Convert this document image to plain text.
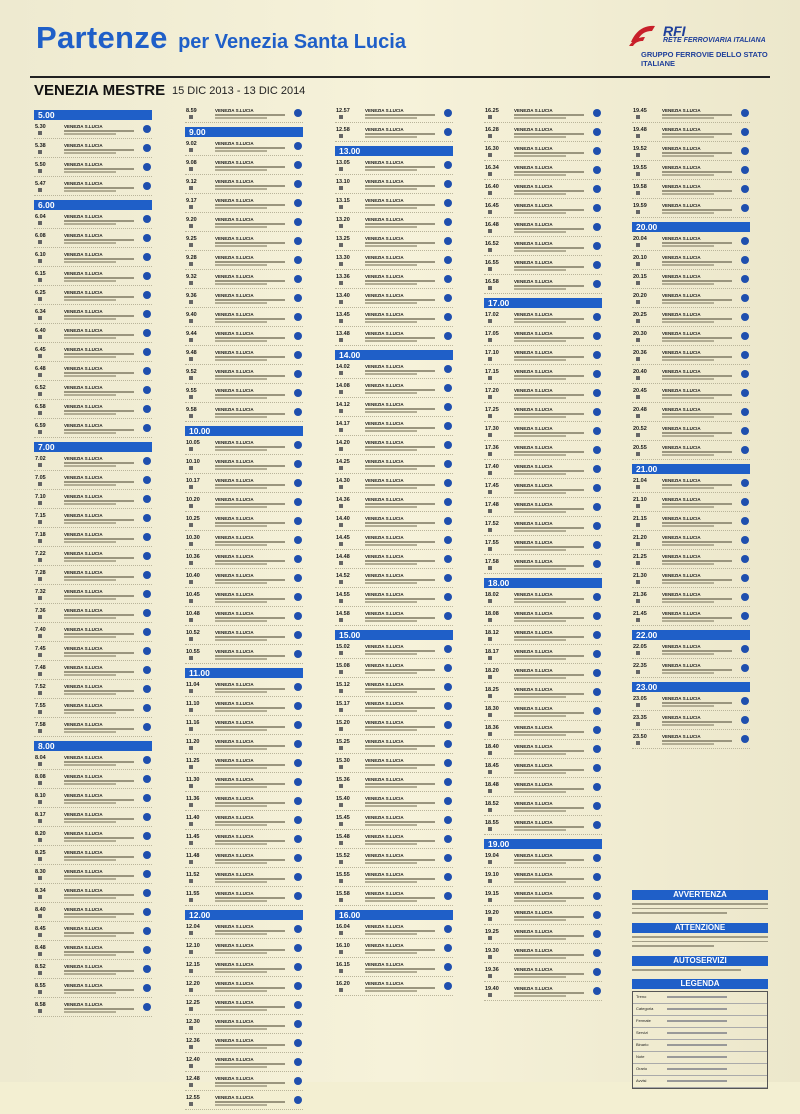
Partenze per Venezia Santa Lucia	RFI
RETE FERROVIARIA ITALIANA
GRUPPO FERROVIE DELLO STATO ITALIANE
VENEZIA MESTRE 15 DIC 2013 - 13 DIC 2014
5.00
5.30	VENEZIA S.LUCIA
5.38	VENEZIA S.LUCIA
5.50	VENEZIA S.LUCIA
5.47	VENEZIA S.LUCIA
6.00
6.04	VENEZIA S.LUCIA
6.08	VENEZIA S.LUCIA
6.10	VENEZIA S.LUCIA
6.15	VENEZIA S.LUCIA
6.25	VENEZIA S.LUCIA
6.34	VENEZIA S.LUCIA
6.40	VENEZIA S.LUCIA
6.45	VENEZIA S.LUCIA
6.48	VENEZIA S.LUCIA
6.52	VENEZIA S.LUCIA
6.58	VENEZIA S.LUCIA
6.59	VENEZIA S.LUCIA
7.00
7.02	VENEZIA S.LUCIA
7.05	VENEZIA S.LUCIA
7.10	VENEZIA S.LUCIA
7.15	VENEZIA S.LUCIA
7.18	VENEZIA S.LUCIA
7.22	VENEZIA S.LUCIA
7.28	VENEZIA S.LUCIA
7.32	VENEZIA S.LUCIA
7.36	VENEZIA S.LUCIA
7.40	VENEZIA S.LUCIA
7.45	VENEZIA S.LUCIA
7.48	VENEZIA S.LUCIA
7.52	VENEZIA S.LUCIA
7.55	VENEZIA S.LUCIA
7.58	VENEZIA S.LUCIA
8.00
8.04	VENEZIA S.LUCIA
8.08	VENEZIA S.LUCIA
8.10	VENEZIA S.LUCIA
8.17	VENEZIA S.LUCIA
8.20	VENEZIA S.LUCIA
8.25	VENEZIA S.LUCIA
8.30	VENEZIA S.LUCIA
8.34	VENEZIA S.LUCIA
8.40	VENEZIA S.LUCIA
8.45	VENEZIA S.LUCIA
8.48	VENEZIA S.LUCIA
8.52	VENEZIA S.LUCIA
8.55	VENEZIA S.LUCIA
8.58	VENEZIA S.LUCIA
8.59	VENEZIA S.LUCIA
9.00
9.02	VENEZIA S.LUCIA
9.08	VENEZIA S.LUCIA
9.12	VENEZIA S.LUCIA
9.17	VENEZIA S.LUCIA
9.20	VENEZIA S.LUCIA
9.25	VENEZIA S.LUCIA
9.28	VENEZIA S.LUCIA
9.32	VENEZIA S.LUCIA
9.36	VENEZIA S.LUCIA
9.40	VENEZIA S.LUCIA
9.44	VENEZIA S.LUCIA
9.48	VENEZIA S.LUCIA
9.52	VENEZIA S.LUCIA
9.55	VENEZIA S.LUCIA
9.58	VENEZIA S.LUCIA
10.00
10.05	VENEZIA S.LUCIA
10.10	VENEZIA S.LUCIA
10.17	VENEZIA S.LUCIA
10.20	VENEZIA S.LUCIA
10.25	VENEZIA S.LUCIA
10.30	VENEZIA S.LUCIA
10.36	VENEZIA S.LUCIA
10.40	VENEZIA S.LUCIA
10.45	VENEZIA S.LUCIA
10.48	VENEZIA S.LUCIA
10.52	VENEZIA S.LUCIA
10.55	VENEZIA S.LUCIA
11.00
11.04	VENEZIA S.LUCIA
11.10	VENEZIA S.LUCIA
11.16	VENEZIA S.LUCIA
11.20	VENEZIA S.LUCIA
11.25	VENEZIA S.LUCIA
11.30	VENEZIA S.LUCIA
11.36	VENEZIA S.LUCIA
11.40	VENEZIA S.LUCIA
11.45	VENEZIA S.LUCIA
11.48	VENEZIA S.LUCIA
11.52	VENEZIA S.LUCIA
11.55	VENEZIA S.LUCIA
12.00
12.04	VENEZIA S.LUCIA
12.10	VENEZIA S.LUCIA
12.15	VENEZIA S.LUCIA
12.20	VENEZIA S.LUCIA
12.25	VENEZIA S.LUCIA
12.30	VENEZIA S.LUCIA
12.36	VENEZIA S.LUCIA
12.40	VENEZIA S.LUCIA
12.48	VENEZIA S.LUCIA
12.55	VENEZIA S.LUCIA
12.57	VENEZIA S.LUCIA
12.58	VENEZIA S.LUCIA
13.00
13.05	VENEZIA S.LUCIA
13.10	VENEZIA S.LUCIA
13.15	VENEZIA S.LUCIA
13.20	VENEZIA S.LUCIA
13.25	VENEZIA S.LUCIA
13.30	VENEZIA S.LUCIA
13.36	VENEZIA S.LUCIA
13.40	VENEZIA S.LUCIA
13.45	VENEZIA S.LUCIA
13.48	VENEZIA S.LUCIA
14.00
14.02	VENEZIA S.LUCIA
14.08	VENEZIA S.LUCIA
14.12	VENEZIA S.LUCIA
14.17	VENEZIA S.LUCIA
14.20	VENEZIA S.LUCIA
14.25	VENEZIA S.LUCIA
14.30	VENEZIA S.LUCIA
14.36	VENEZIA S.LUCIA
14.40	VENEZIA S.LUCIA
14.45	VENEZIA S.LUCIA
14.48	VENEZIA S.LUCIA
14.52	VENEZIA S.LUCIA
14.55	VENEZIA S.LUCIA
14.58	VENEZIA S.LUCIA
15.00
15.02	VENEZIA S.LUCIA
15.08	VENEZIA S.LUCIA
15.12	VENEZIA S.LUCIA
15.17	VENEZIA S.LUCIA
15.20	VENEZIA S.LUCIA
15.25	VENEZIA S.LUCIA
15.30	VENEZIA S.LUCIA
15.36	VENEZIA S.LUCIA
15.40	VENEZIA S.LUCIA
15.45	VENEZIA S.LUCIA
15.48	VENEZIA S.LUCIA
15.52	VENEZIA S.LUCIA
15.55	VENEZIA S.LUCIA
15.58	VENEZIA S.LUCIA
16.00
16.04	VENEZIA S.LUCIA
16.10	VENEZIA S.LUCIA
16.15	VENEZIA S.LUCIA
16.20	VENEZIA S.LUCIA
16.25	VENEZIA S.LUCIA
16.28	VENEZIA S.LUCIA
16.30	VENEZIA S.LUCIA
16.34	VENEZIA S.LUCIA
16.40	VENEZIA S.LUCIA
16.45	VENEZIA S.LUCIA
16.48	VENEZIA S.LUCIA
16.52	VENEZIA S.LUCIA
16.55	VENEZIA S.LUCIA
16.58	VENEZIA S.LUCIA
17.00
17.02	VENEZIA S.LUCIA
17.05	VENEZIA S.LUCIA
17.10	VENEZIA S.LUCIA
17.15	VENEZIA S.LUCIA
17.20	VENEZIA S.LUCIA
17.25	VENEZIA S.LUCIA
17.30	VENEZIA S.LUCIA
17.36	VENEZIA S.LUCIA
17.40	VENEZIA S.LUCIA
17.45	VENEZIA S.LUCIA
17.48	VENEZIA S.LUCIA
17.52	VENEZIA S.LUCIA
17.55	VENEZIA S.LUCIA
17.58	VENEZIA S.LUCIA
18.00
18.02	VENEZIA S.LUCIA
18.08	VENEZIA S.LUCIA
18.12	VENEZIA S.LUCIA
18.17	VENEZIA S.LUCIA
18.20	VENEZIA S.LUCIA
18.25	VENEZIA S.LUCIA
18.30	VENEZIA S.LUCIA
18.36	VENEZIA S.LUCIA
18.40	VENEZIA S.LUCIA
18.45	VENEZIA S.LUCIA
18.48	VENEZIA S.LUCIA
18.52	VENEZIA S.LUCIA
18.55	VENEZIA S.LUCIA
19.00
19.04	VENEZIA S.LUCIA
19.10	VENEZIA S.LUCIA
19.15	VENEZIA S.LUCIA
19.20	VENEZIA S.LUCIA
19.25	VENEZIA S.LUCIA
19.30	VENEZIA S.LUCIA
19.36	VENEZIA S.LUCIA
19.40	VENEZIA S.LUCIA
19.45	VENEZIA S.LUCIA
19.48	VENEZIA S.LUCIA
19.52	VENEZIA S.LUCIA
19.55	VENEZIA S.LUCIA
19.58	VENEZIA S.LUCIA
19.59	VENEZIA S.LUCIA
20.00
20.04	VENEZIA S.LUCIA
20.10	VENEZIA S.LUCIA
20.15	VENEZIA S.LUCIA
20.20	VENEZIA S.LUCIA
20.25	VENEZIA S.LUCIA
20.30	VENEZIA S.LUCIA
20.36	VENEZIA S.LUCIA
20.40	VENEZIA S.LUCIA
20.45	VENEZIA S.LUCIA
20.48	VENEZIA S.LUCIA
20.52	VENEZIA S.LUCIA
20.55	VENEZIA S.LUCIA
21.00
21.04	VENEZIA S.LUCIA
21.10	VENEZIA S.LUCIA
21.15	VENEZIA S.LUCIA
21.20	VENEZIA S.LUCIA
21.25	VENEZIA S.LUCIA
21.30	VENEZIA S.LUCIA
21.36	VENEZIA S.LUCIA
21.45	VENEZIA S.LUCIA
22.00
22.05	VENEZIA S.LUCIA
22.35	VENEZIA S.LUCIA
23.00
23.05	VENEZIA S.LUCIA
23.35	VENEZIA S.LUCIA
23.50	VENEZIA S.LUCIA
AVVERTENZA
ATTENZIONE
AUTOSERVIZI
LEGENDA
Treno
Categoria
Fermate
Servizi
Binario
Note
Orario
Avvisi
